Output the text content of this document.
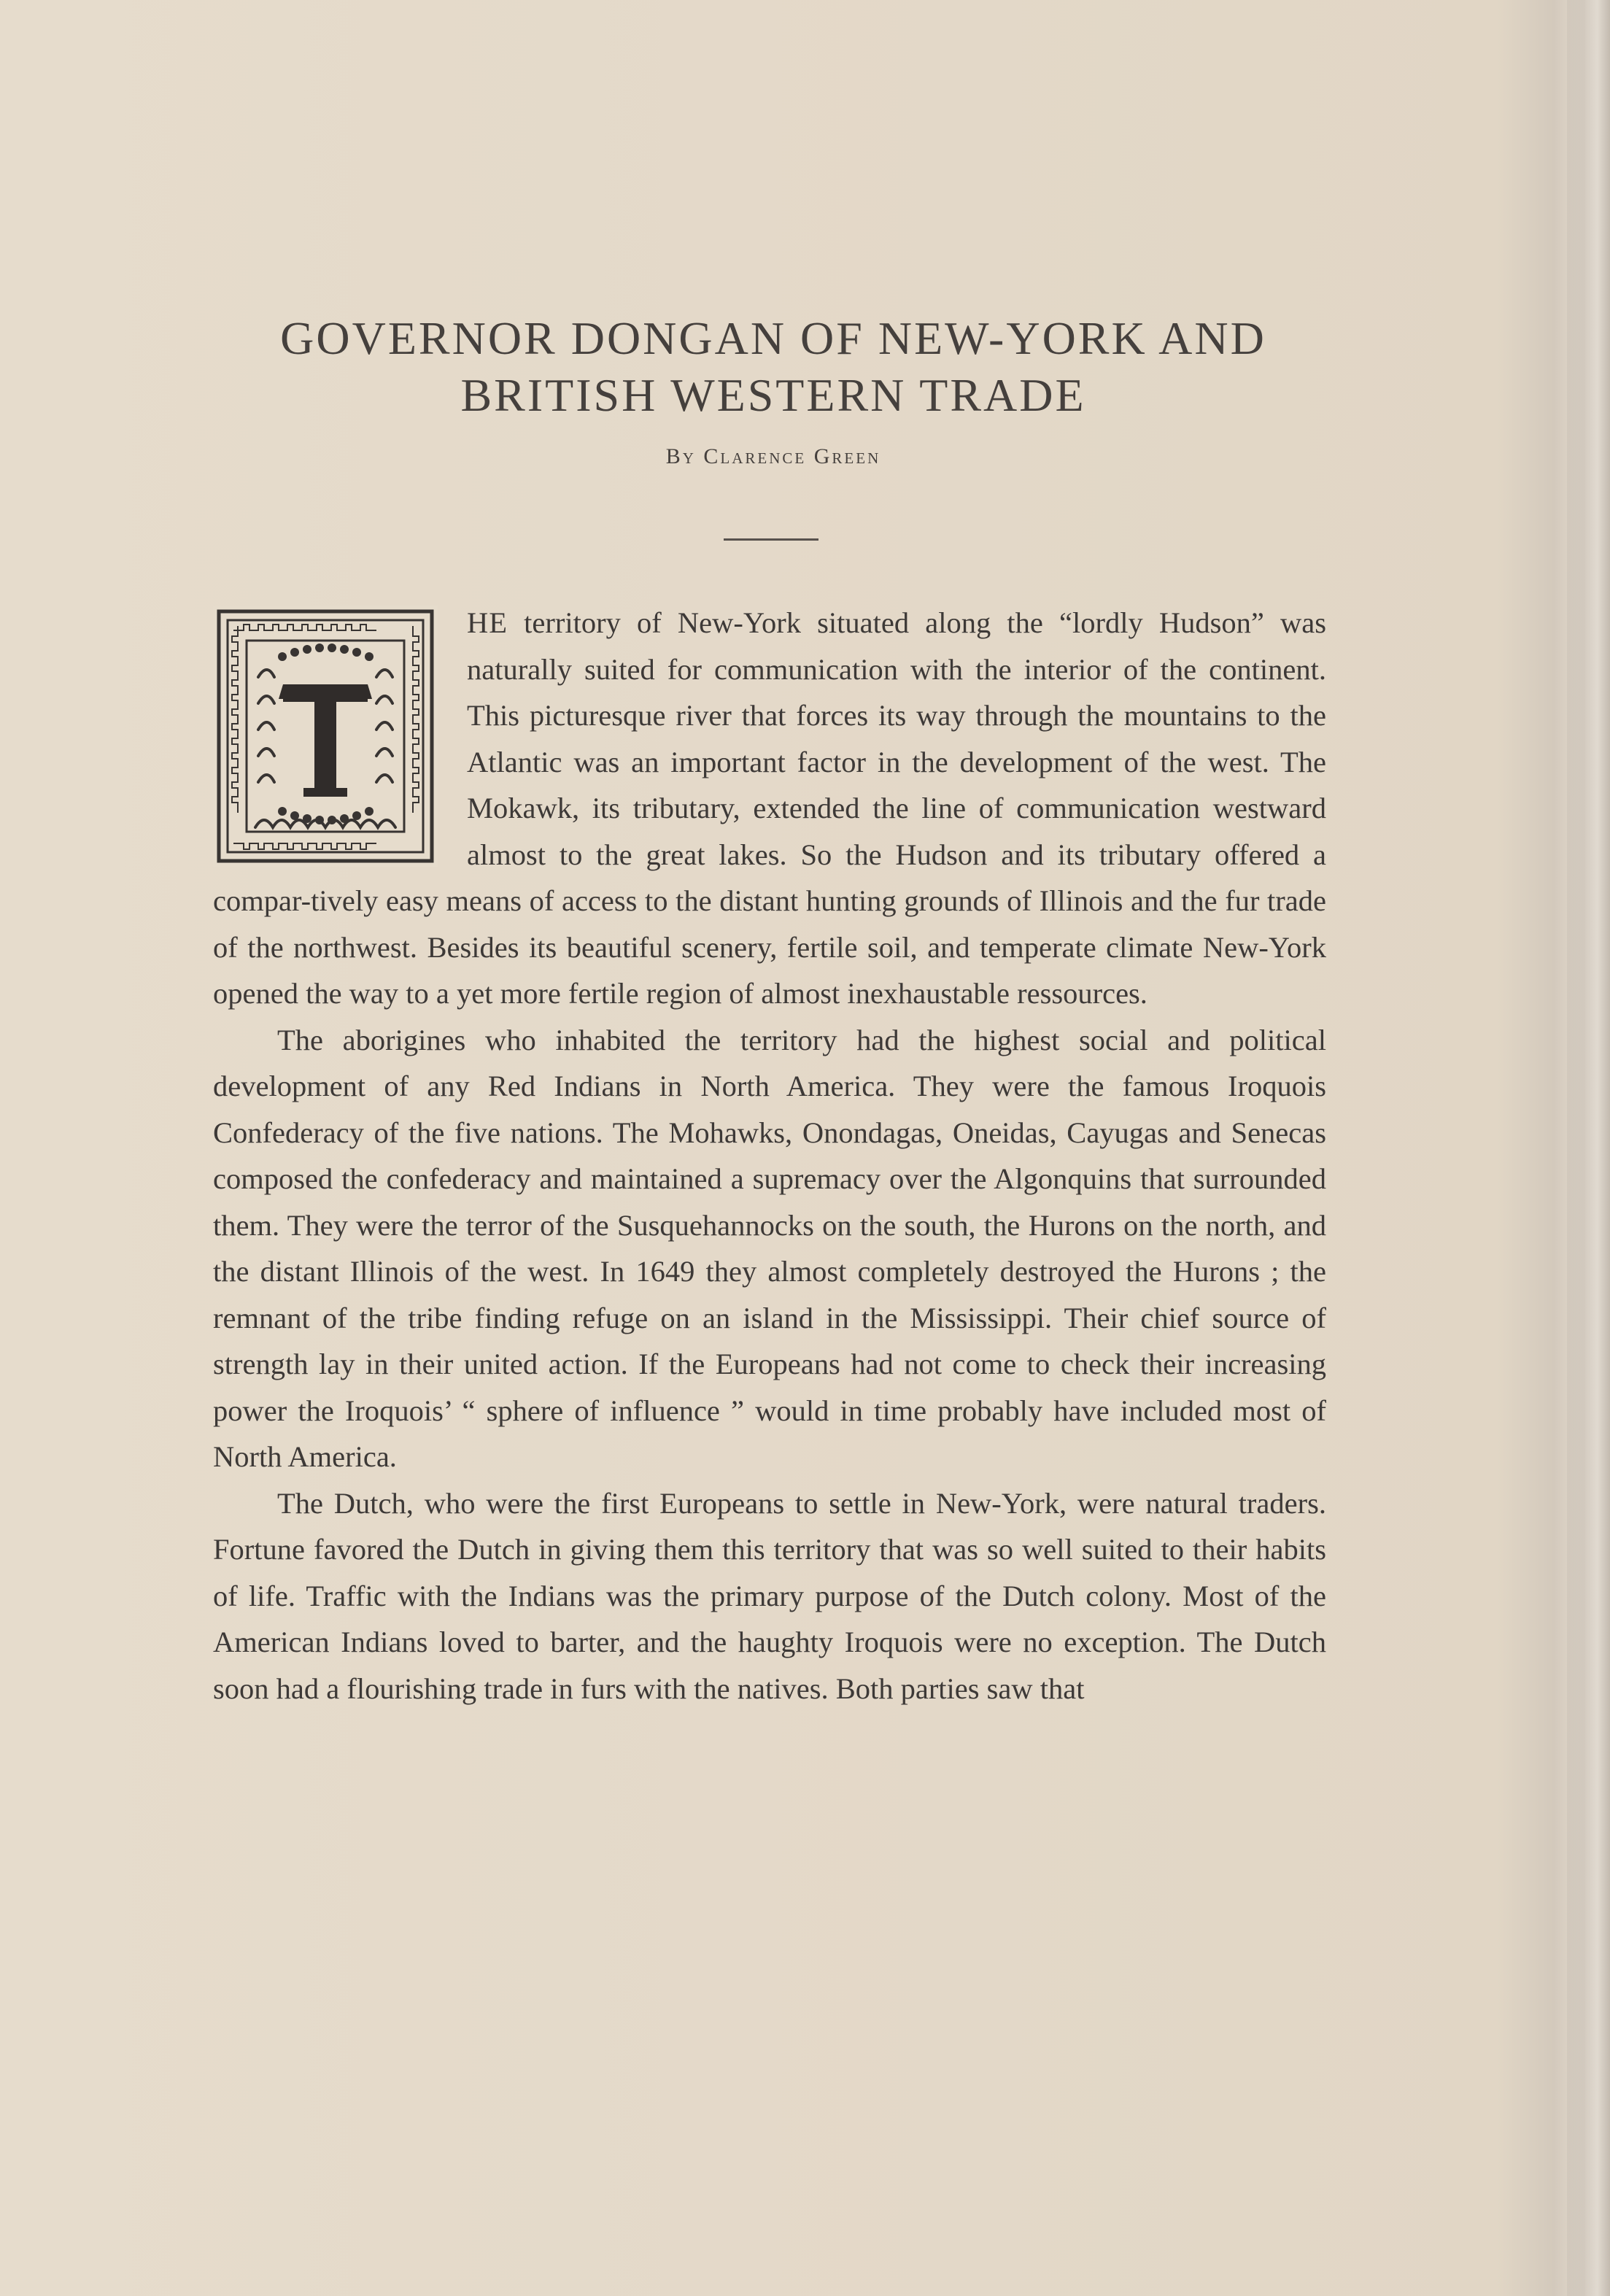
GOVERNOR DONGAN OF NEW-YORK AND
BRITISH WESTERN TRADE
By Clarence Green

HE territory of New-York situated along the “lordly Hudson” was naturally suited for communication with the interior of the continent. This picturesque river that forces its way through the mountains to the Atlantic was an important factor in the development of the west. The Mokawk, its tributary, extended the line of communication westward almost to the great lakes. So the Hudson and its tributary offered a compar-tively easy means of access to the distant hunting grounds of Illinois and the fur trade of the northwest. Besides its beautiful scenery, fertile soil, and temperate climate New-York opened the way to a yet more fertile region of almost inexhaustable ressources.

The aborigines who inhabited the territory had the highest social and political development of any Red Indians in North America. They were the famous Iroquois Confederacy of the five nations. The Mohawks, Onondagas, Oneidas, Cayugas and Senecas composed the confederacy and maintained a supremacy over the Algonquins that surrounded them. They were the terror of the Susquehannocks on the south, the Hurons on the north, and the distant Illinois of the west. In 1649 they almost completely destroyed the Hurons ; the remnant of the tribe finding refuge on an island in the Mississippi. Their chief source of strength lay in their united action. If the Europeans had not come to check their increasing power the Iroquois’ “ sphere of influence ” would in time probably have included most of North America.

The Dutch, who were the first Europeans to settle in New-York, were natural traders. Fortune favored the Dutch in giving them this territory that was so well suited to their habits of life. Traffic with the Indians was the primary purpose of the Dutch colony. Most of the American Indians loved to barter, and the haughty Iroquois were no exception. The Dutch soon had a flourishing trade in furs with the natives. Both parties saw that
